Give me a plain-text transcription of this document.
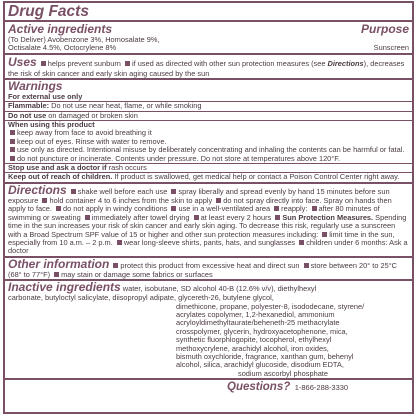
Drug Facts
Active ingredients	Purpose
(To Deliver) Avobenzone 3%, Homosalate 9%,
Octisalate 4.5%, Octocrylene 8%	Sunscreen
Uses helps prevent sunburn if used as directed with other sun protection measures (see Directions), decreases the risk of skin cancer and early skin aging caused by the sun
Warnings
For external use only
Flammable: Do not use near heat, flame, or while smoking
Do not use on damaged or broken skin
When using this product
keep away from face to avoid breathing it
keep out of eyes. Rinse with water to remove.
use only as directed. Intentional misuse by deliberately concentrating and inhaling the contents can be harmful or fatal.
do not puncture or incinerate. Contents under pressure. Do not store at temperatures above 120°F.
Stop use and ask a doctor if rash occurs
Keep out of reach of children. If product is swallowed, get medical help or contact a Poison Control Center right away.
Directions shake well before each use spray liberally and spread evenly by hand 15 minutes before sun exposure hold container 4 to 6 inches from the skin to apply do not spray directly into face. Spray on hands then apply to face. do not apply in windy conditions use in a well-ventilated area reapply: after 80 minutes of swimming or sweating immediately after towel drying at least every 2 hours Sun Protection Measures. Spending time in the sun increases your risk of skin cancer and early skin aging. To decrease this risk, regularly use a sunscreen with a Broad Spectrum SPF value of 15 or higher and other sun protection measures including: limit time in the sun, especially from 10 a.m. – 2 p.m. wear long-sleeve shirts, pants, hats, and sunglasses children under 6 months: Ask a doctor
Other information protect this product from excessive heat and direct sun store between 20° to 25°C (68° to 77°F) may stain or damage some fabrics or surfaces
Inactive ingredients water, isobutane, SD alcohol 40-B (12.6% v/v), diethylhexyl
carbonate, butyloctyl salicylate, diisopropyl adipate, glycereth-26, butylene glycol,
dimethicone, propane, polyester-8, isododecane, styrene/
acrylates copolymer, 1,2-hexanediol, ammonium
acryloyldimethyltaurate/beheneth-25 methacrylate
crosspolymer, glycerin, hydroxyacetophenone, mica,
synthetic fluorphlogopite, tocopherol, ethylhexyl
methoxycrylene, arachidyl alcohol, iron oxides,
bismuth oxychloride, fragrance, xanthan gum, behenyl
alcohol, silica, arachidyl glucoside, disodium EDTA,
sodium ascorbyl phosphate
Questions? 1-866-288-3330
